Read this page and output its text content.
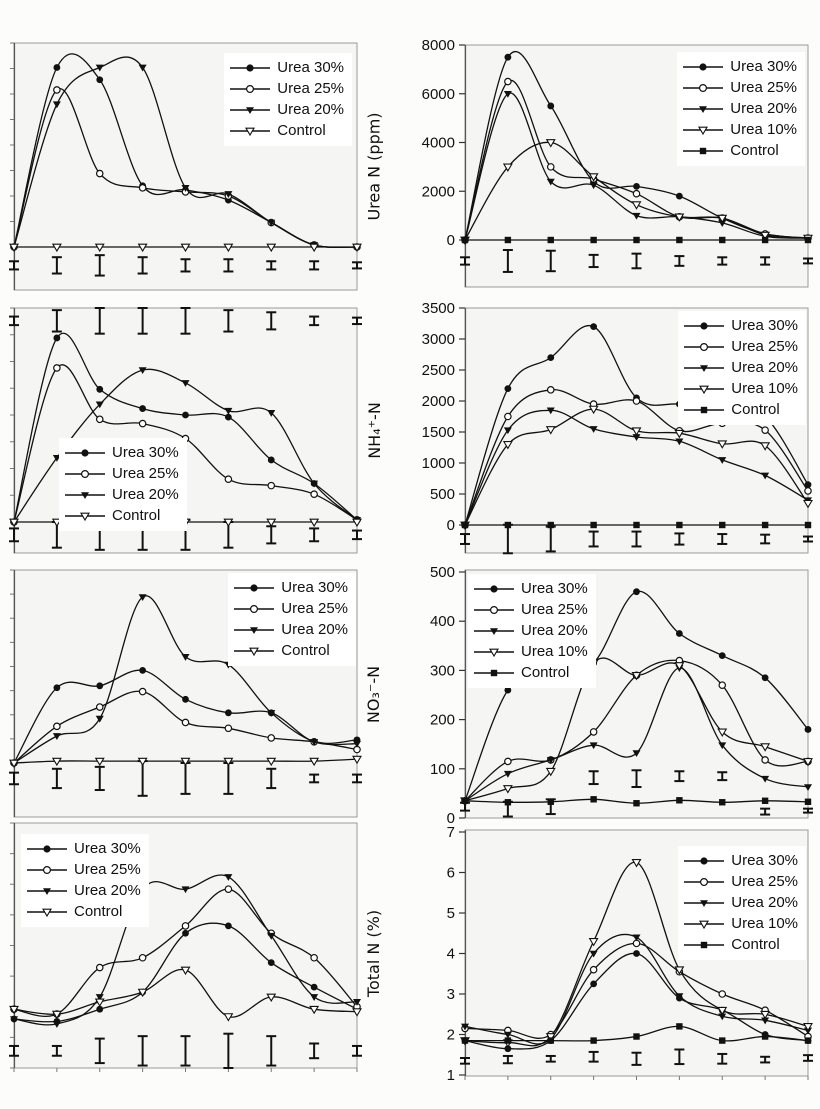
Urea 30%
Urea 25%
Urea 20%
Control
0
2000
4000
6000
8000
Urea 30%
Urea 25%
Urea 20%
Urea 10%
Control
Urea 30%
Urea 25%
Urea 20%
Control
0
500
1000
1500
2000
2500
3000
3500
Urea 30%
Urea 25%
Urea 20%
Urea 10%
Control
Urea 30%
Urea 25%
Urea 20%
Control
0
100
200
300
400
500
Urea 30%
Urea 25%
Urea 20%
Urea 10%
Control
Urea 30%
Urea 25%
Urea 20%
Control
1
2
3
4
5
6
7
Urea 30%
Urea 25%
Urea 20%
Urea 10%
Control
Urea N (ppm)
NH₄⁺-N
NO₃⁻-N
Total N (%)
